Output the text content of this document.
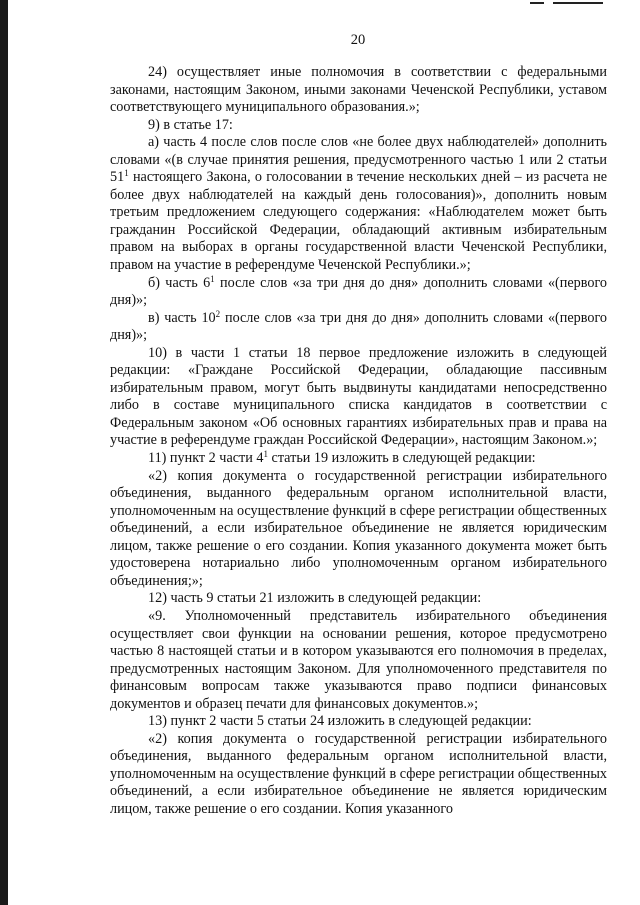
20

24) осуществляет иные полномочия в соответствии с федеральными законами, настоящим Законом, иными законами Чеченской Республики, уставом соответствующего муниципального образования.»;

9) в статье 17:

а) часть 4 после слов после слов «не более двух наблюдателей» дополнить словами «(в случае принятия решения, предусмотренного частью 1 или 2 статьи $51^1$ настоящего Закона, о голосовании в течение нескольких дней – из расчета не более двух наблюдателей на каждый день голосования)», дополнить новым третьим предложением следующего содержания: «Наблюдателем может быть гражданин Российской Федерации, обладающий активным избирательным правом на выборах в органы государственной власти Чеченской Республики, правом на участие в референдуме Чеченской Республики.»;

б) часть $6^1$ после слов «за три дня до дня» дополнить словами «(первого дня)»;

в) часть $10^2$ после слов «за три дня до дня» дополнить словами «(первого дня)»;

10) в части 1 статьи 18 первое предложение изложить в следующей редакции: «Граждане Российской Федерации, обладающие пассивным избирательным правом, могут быть выдвинуты кандидатами непосредственно либо в составе муниципального списка кандидатов в соответствии с Федеральным законом «Об основных гарантиях избирательных прав и права на участие в референдуме граждан Российской Федерации», настоящим Законом.»;

11) пункт 2 части $4^1$ статьи 19 изложить в следующей редакции:

«2) копия документа о государственной регистрации избирательного объединения, выданного федеральным органом исполнительной власти, уполномоченным на осуществление функций в сфере регистрации общественных объединений, а если избирательное объединение не является юридическим лицом, также решение о его создании. Копия указанного документа может быть удостоверена нотариально либо уполномоченным органом избирательного объединения;»;

12) часть 9 статьи 21 изложить в следующей редакции:

«9. Уполномоченный представитель избирательного объединения осуществляет свои функции на основании решения, которое предусмотрено частью 8 настоящей статьи и в котором указываются его полномочия в пределах, предусмотренных настоящим Законом. Для уполномоченного представителя по финансовым вопросам также указываются право подписи финансовых документов и образец печати для финансовых документов.»;

13) пункт 2 части 5 статьи 24 изложить в следующей редакции:

«2) копия документа о государственной регистрации избирательного объединения, выданного федеральным органом исполнительной власти, уполномоченным на осуществление функций в сфере регистрации общественных объединений, а если избирательное объединение не является юридическим лицом, также решение о его создании. Копия указанного
